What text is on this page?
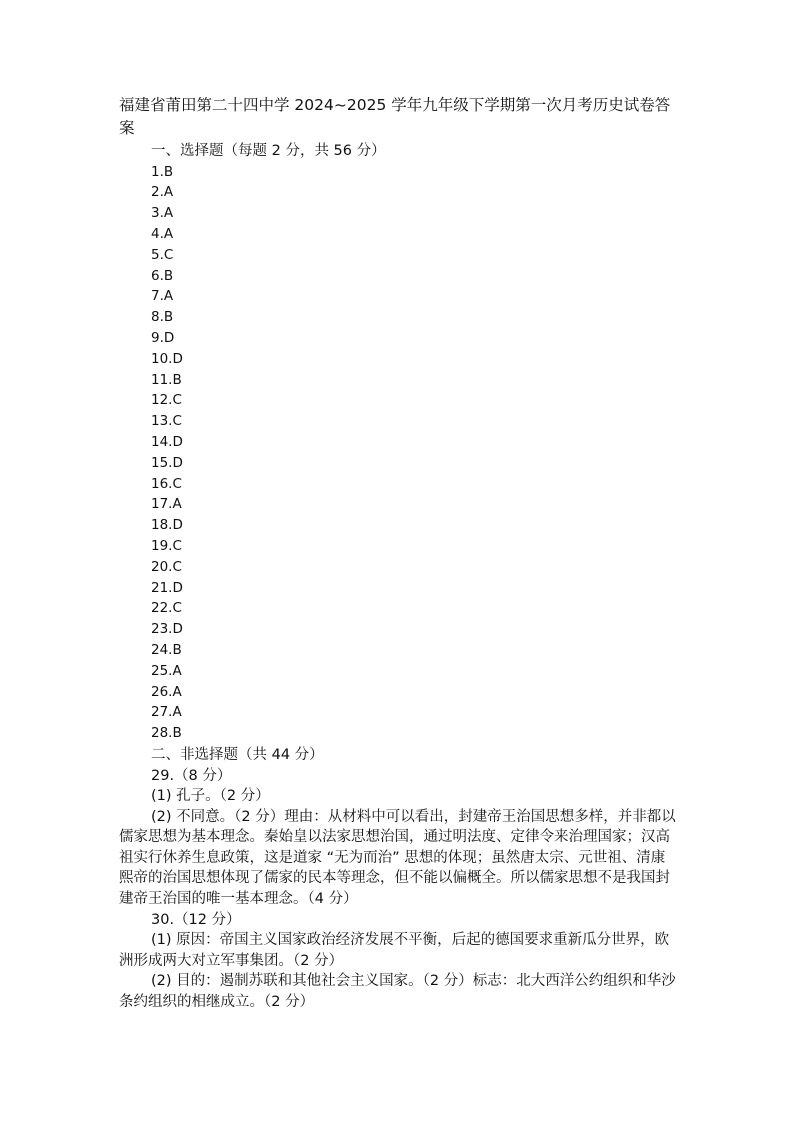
福建省莆田第二十四中学 2024~2025 学年九年级下学期第一次月考历史试卷答案
一、选择题（每题 2 分，共 56 分）
1.B
2.A
3.A
4.A
5.C
6.B
7.A
8.B
9.D
10.D
11.B
12.C
13.C
14.D
15.D
16.C
17.A
18.D
19.C
20.C
21.D
22.C
23.D
24.B
25.A
26.A
27.A
28.B
二、非选择题（共 44 分）
29.（8 分）

(1) 孔子。（2 分）

(2) 不同意。（2 分）理由：从材料中可以看出，封建帝王治国思想多样，并非都以儒家思想为基本理念。秦始皇以法家思想治国，通过明法度、定律令来治理国家；汉高祖实行休养生息政策，这是道家 “无为而治” 思想的体现；虽然唐太宗、元世祖、清康熙帝的治国思想体现了儒家的民本等理念，但不能以偏概全。所以儒家思想不是我国封建帝王治国的唯一基本理念。（4 分）

30.（12 分）

(1) 原因：帝国主义国家政治经济发展不平衡，后起的德国要求重新瓜分世界，欧洲形成两大对立军事集团。（2 分）

(2) 目的：遏制苏联和其他社会主义国家。（2 分）标志：北大西洋公约组织和华沙条约组织的相继成立。（2 分）
